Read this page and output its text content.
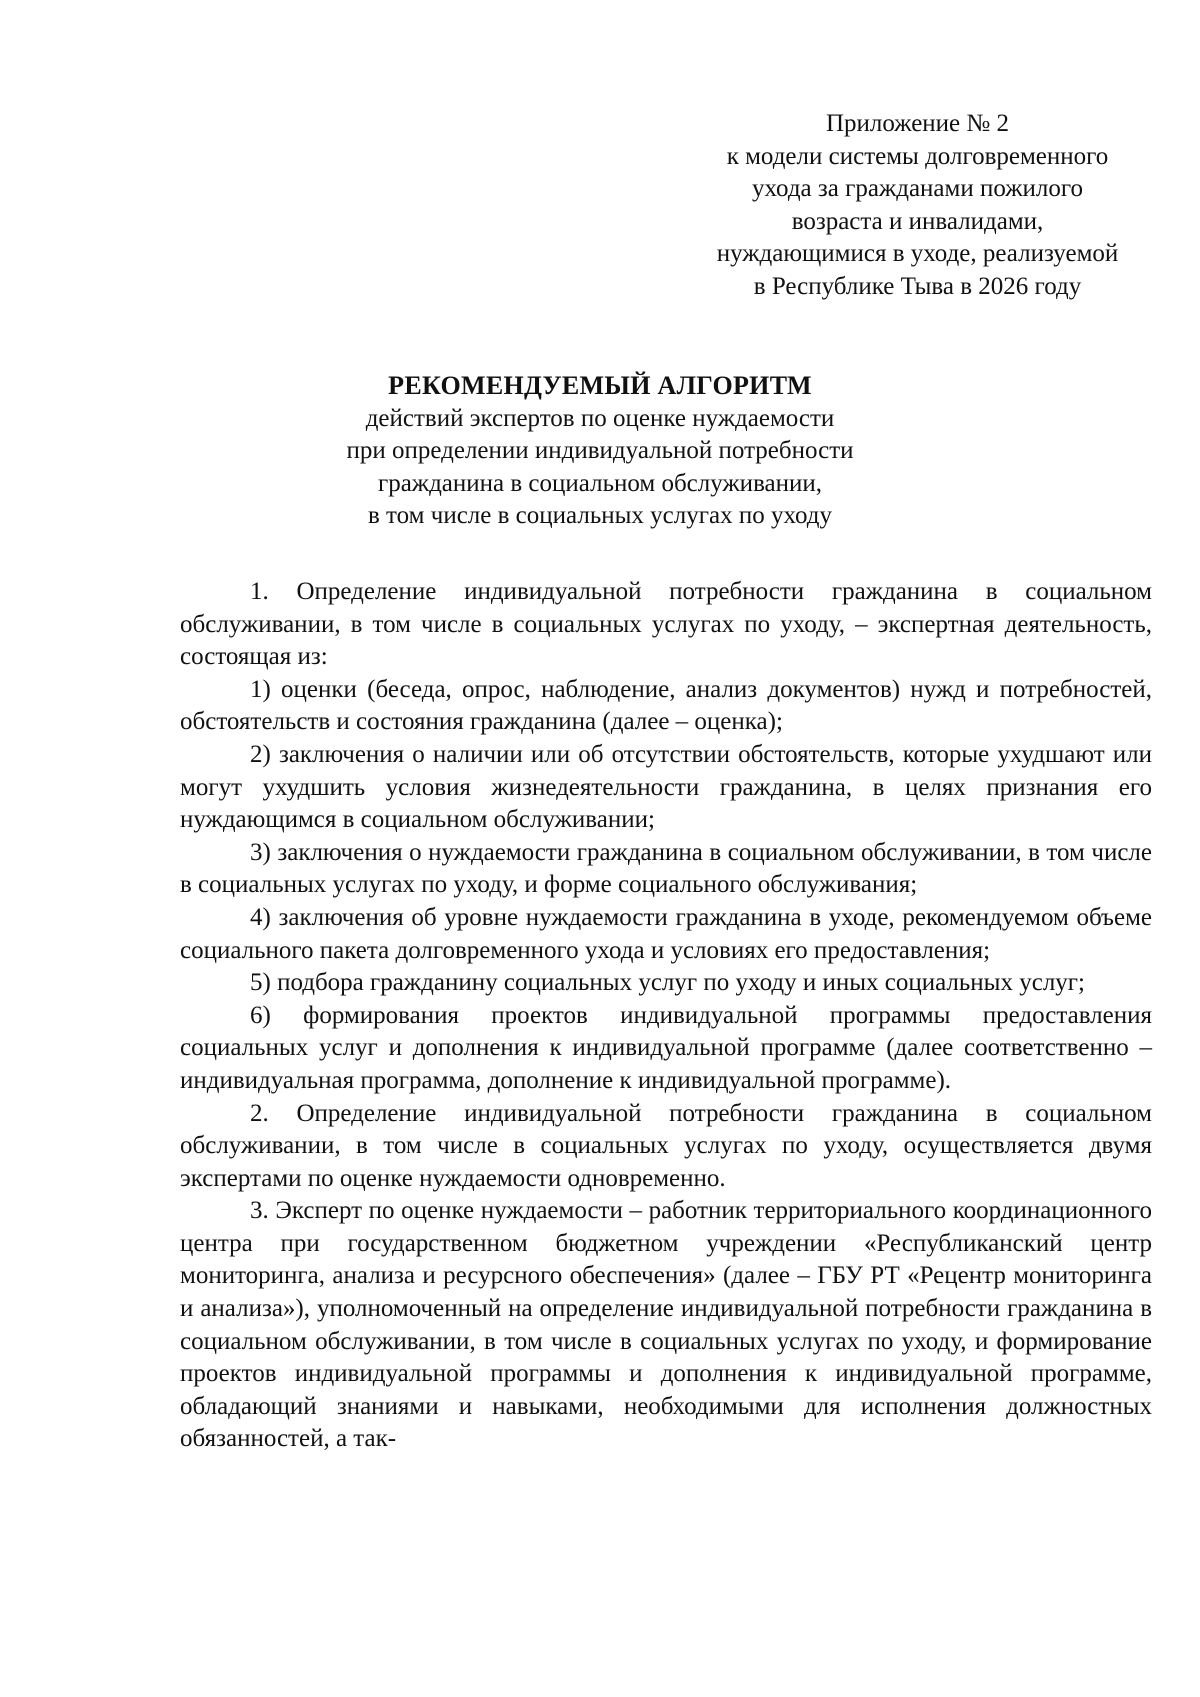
Приложение № 2
к модели системы долговременного
ухода за гражданами пожилого
возраста и инвалидами,
нуждающимися в уходе, реализуемой
в Республике Тыва в 2026 году
РЕКОМЕНДУЕМЫЙ АЛГОРИТМ
действий экспертов по оценке нуждаемости
при определении индивидуальной потребности
гражданина в социальном обслуживании,
в том числе в социальных услугах по уходу

1. Определение индивидуальной потребности гражданина в социальном обслуживании, в том числе в социальных услугах по уходу, – экспертная деятельность, состоящая из:

1) оценки (беседа, опрос, наблюдение, анализ документов) нужд и потребностей, обстоятельств и состояния гражданина (далее – оценка);

2) заключения о наличии или об отсутствии обстоятельств, которые ухудшают или могут ухудшить условия жизнедеятельности гражданина, в целях признания его нуждающимся в социальном обслуживании;

3) заключения о нуждаемости гражданина в социальном обслуживании, в том числе в социальных услугах по уходу, и форме социального обслуживания;

4) заключения об уровне нуждаемости гражданина в уходе, рекомендуемом объеме социального пакета долговременного ухода и условиях его предоставления;

5) подбора гражданину социальных услуг по уходу и иных социальных услуг;

6) формирования проектов индивидуальной программы предоставления социальных услуг и дополнения к индивидуальной программе (далее соответственно – индивидуальная программа, дополнение к индивидуальной программе).

2. Определение индивидуальной потребности гражданина в социальном обслуживании, в том числе в социальных услугах по уходу, осуществляется двумя экспертами по оценке нуждаемости одновременно.

3. Эксперт по оценке нуждаемости – работник территориального координационного центра при государственном бюджетном учреждении «Республиканский центр мониторинга, анализа и ресурсного обеспечения» (далее – ГБУ РТ «Рецентр мониторинга и анализа»), уполномоченный на определение индивидуальной потребности гражданина в социальном обслуживании, в том числе в социальных услугах по уходу, и формирование проектов индивидуальной программы и дополнения к индивидуальной программе, обладающий знаниями и навыками, необходимыми для исполнения должностных обязанностей, а так-
